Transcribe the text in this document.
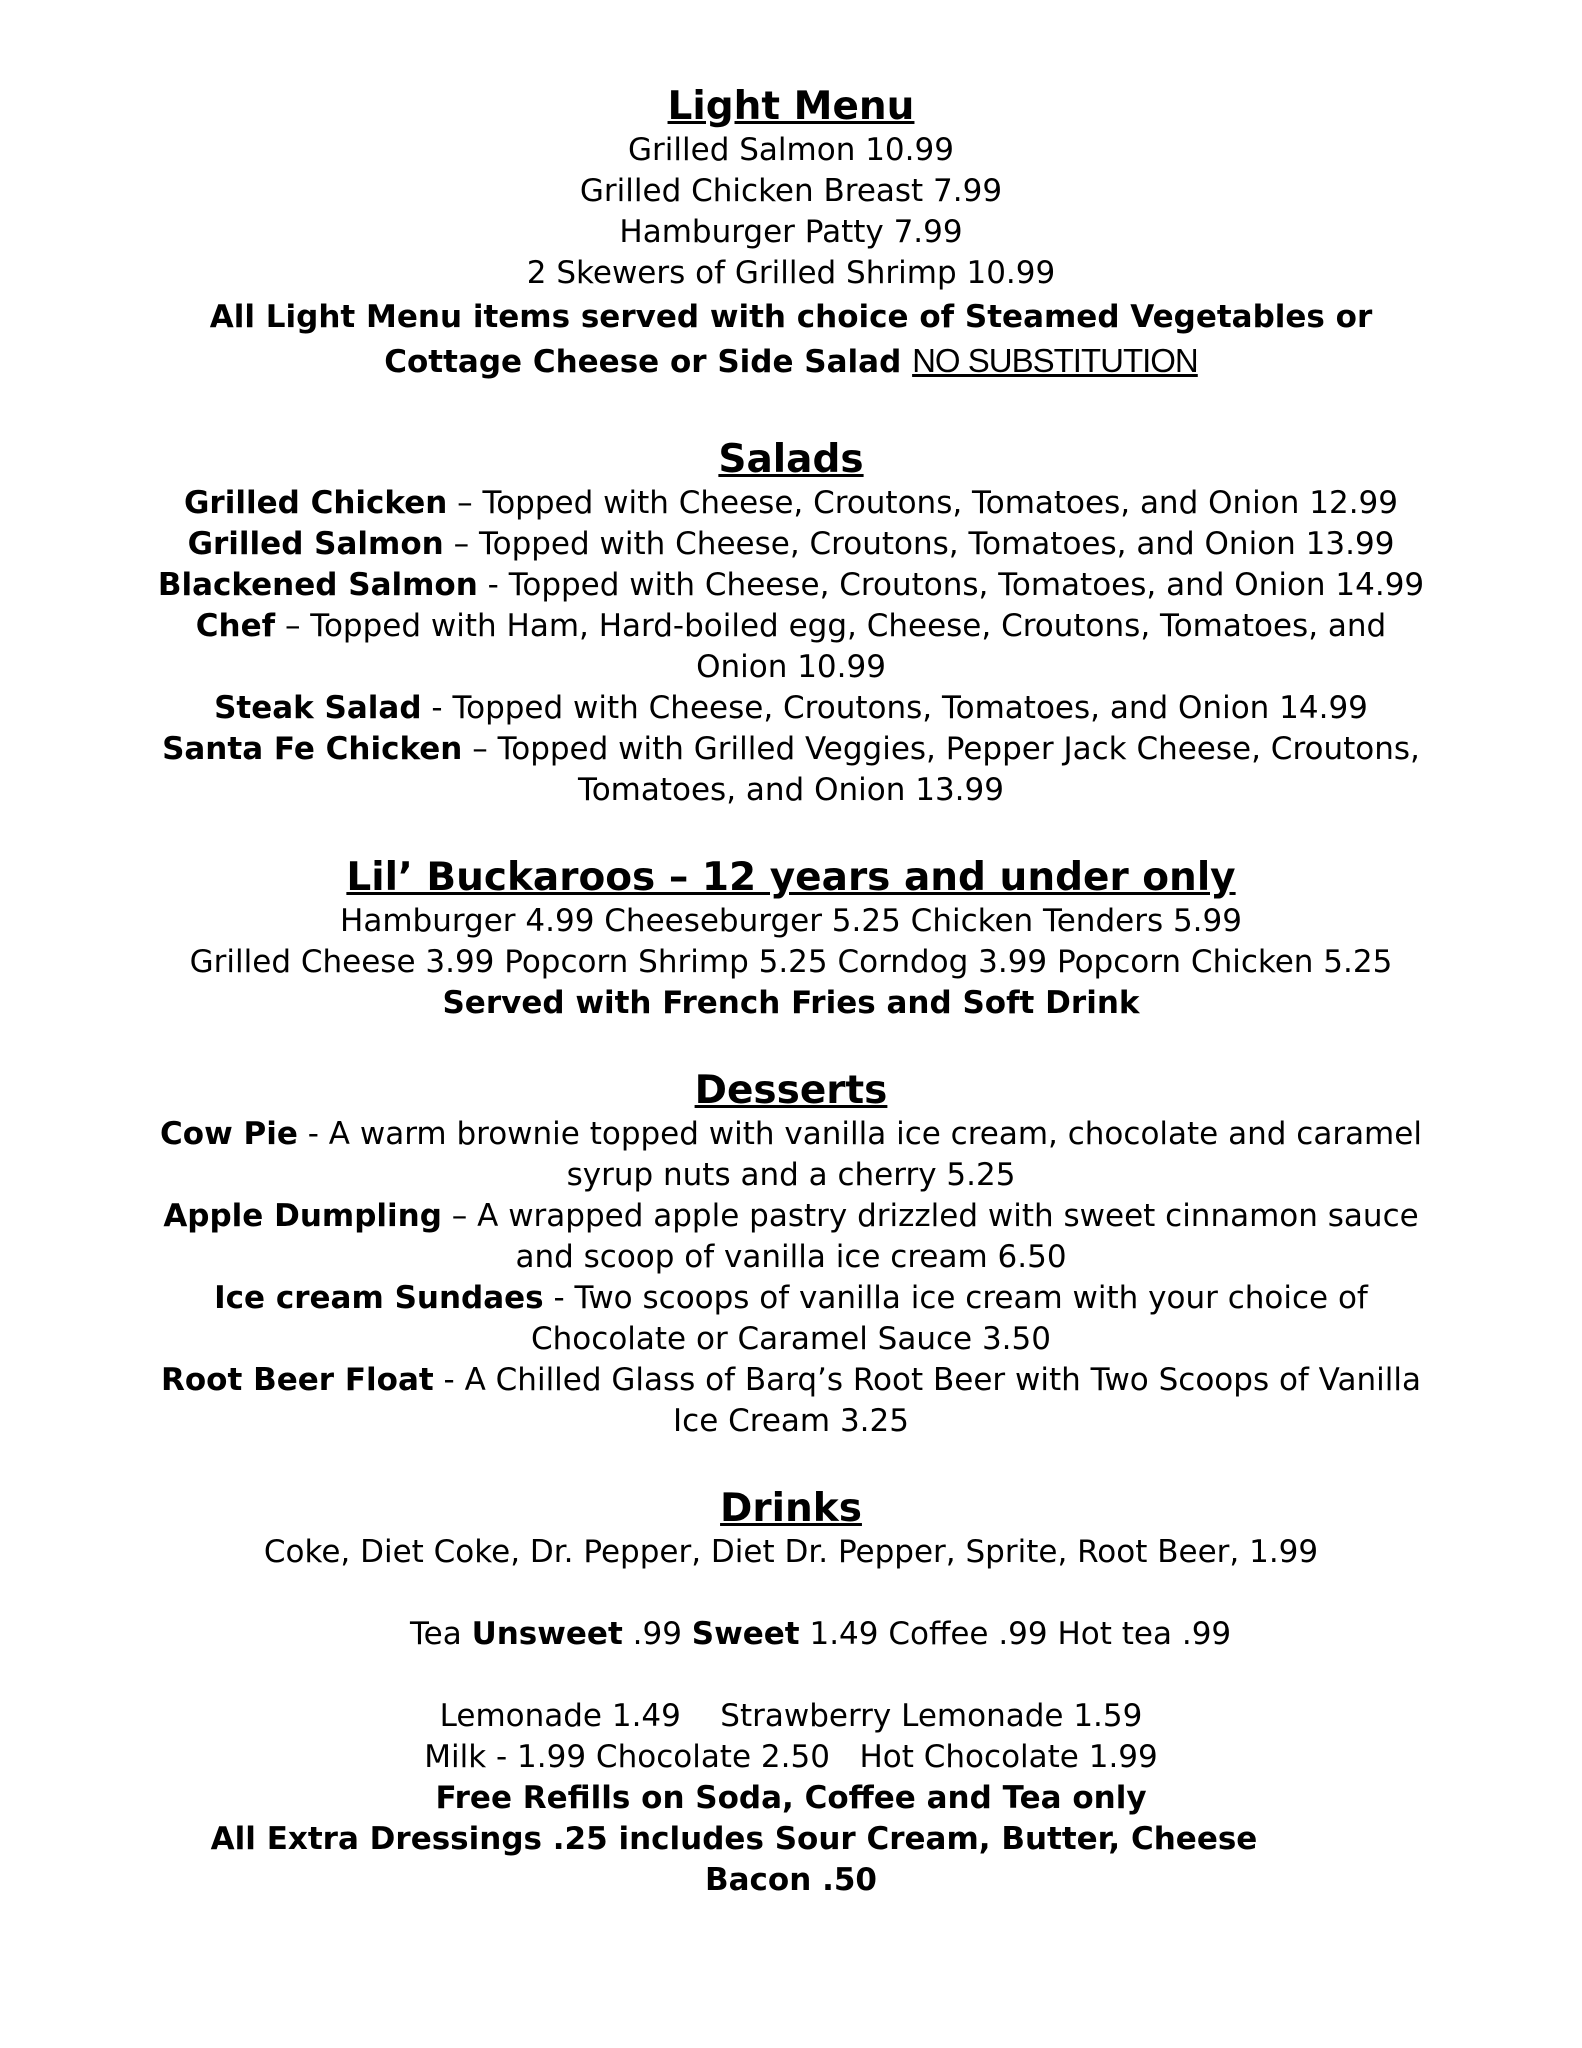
Light Menu

Grilled Salmon 10.99

Grilled Chicken Breast 7.99

Hamburger Patty 7.99

2 Skewers of Grilled Shrimp 10.99

All Light Menu items served with choice of Steamed Vegetables or

Cottage Cheese or Side Salad NO SUBSTITUTION

Salads

Grilled Chicken – Topped with Cheese, Croutons, Tomatoes, and Onion 12.99

Grilled Salmon – Topped with Cheese, Croutons, Tomatoes, and Onion 13.99

Blackened Salmon - Topped with Cheese, Croutons, Tomatoes, and Onion 14.99

Chef – Topped with Ham, Hard-boiled egg, Cheese, Croutons, Tomatoes, and

Onion 10.99

Steak Salad - Topped with Cheese, Croutons, Tomatoes, and Onion 14.99

Santa Fe Chicken – Topped with Grilled Veggies, Pepper Jack Cheese, Croutons,

Tomatoes, and Onion 13.99

Lil’ Buckaroos – 12 years and under only

Hamburger 4.99 Cheeseburger 5.25 Chicken Tenders 5.99

Grilled Cheese 3.99 Popcorn Shrimp 5.25 Corndog 3.99 Popcorn Chicken 5.25

Served with French Fries and Soft Drink

Desserts

Cow Pie - A warm brownie topped with vanilla ice cream, chocolate and caramel

syrup nuts and a cherry 5.25

Apple Dumpling – A wrapped apple pastry drizzled with sweet cinnamon sauce

and scoop of vanilla ice cream 6.50

Ice cream Sundaes - Two scoops of vanilla ice cream with your choice of

Chocolate or Caramel Sauce 3.50

Root Beer Float - A Chilled Glass of Barq’s Root Beer with Two Scoops of Vanilla

Ice Cream 3.25

Drinks

Coke, Diet Coke, Dr. Pepper, Diet Dr. Pepper, Sprite, Root Beer, 1.99

Tea Unsweet .99 Sweet 1.49 Coffee .99 Hot tea .99

Lemonade 1.49    Strawberry Lemonade 1.59

Milk - 1.99 Chocolate 2.50   Hot Chocolate 1.99

Free Refills on Soda, Coffee and Tea only

All Extra Dressings .25 includes Sour Cream, Butter, Cheese

Bacon .50
